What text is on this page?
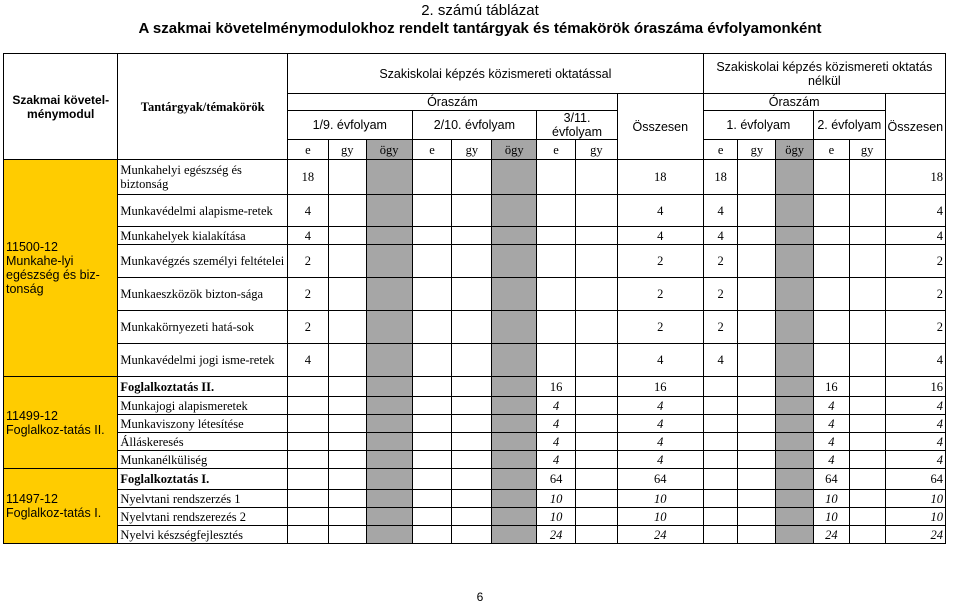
2. számú táblázat
A szakmai követelménymodulokhoz rendelt tantárgyak és témakörök óraszáma évfolyamonként
Szakmai követel-ménymodul	Tantárgyak/témakörök	Szakiskolai képzés közismereti oktatással									Szakiskolai képzés közismereti oktatás nélkül					
		Óraszám								Összesen	Óraszám					Összesen
		1/9. évfolyam			2/10. évfolyam			3/11. évfolyam			1. évfolyam			2. évfolyam		
		e	gy	ögy	e	gy	ögy	e	gy		e	gy	ögy	e	gy	
11500-12 Munkahe-lyi egészség és biz-tonság	Munkahelyi egészség és biztonság	18								18	18					18
	Munkavédelmi alapisme-retek	4								4	4					4
	Munkahelyek kialakítása	4								4	4					4
	Munkavégzés személyi feltételei	2								2	2					2
	Munkaeszközök bizton-sága	2								2	2					2
	Munkakörnyezeti hatá-sok	2								2	2					2
	Munkavédelmi jogi isme-retek	4								4	4					4
11499-12 Foglalkoz-tatás II.	Foglalkoztatás II.							16		16				16		16
	Munkajogi alapismeretek							4		4				4		4
	Munkaviszony létesítése							4		4				4		4
	Álláskeresés							4		4				4		4
	Munkanélküliség							4		4				4		4
11497-12 Foglalkoz-tatás I.	Foglalkoztatás I.							64		64				64		64
	Nyelvtani rendszerzés 1							10		10				10		10
	Nyelvtani rendszerezés 2							10		10				10		10
	Nyelvi készségfejlesztés							24		24				24		24
6
